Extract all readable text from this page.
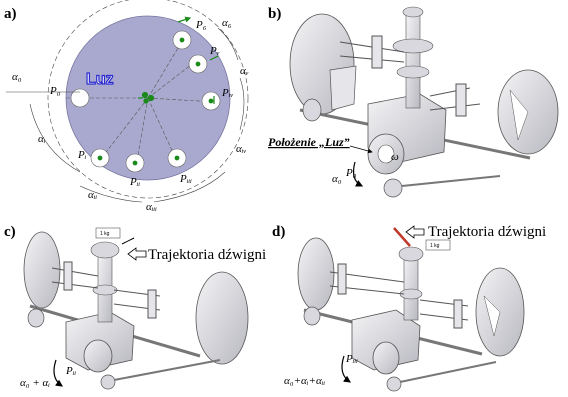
a)
Luz
α₀
αᵢ
αᵢᵢ
αᵢᵢᵢ
αᵢᵥ
αᵥ
α₆
P₀
Pᵢ
Pᵢᵢ	Pᵢᵢᵢ
Pᵢᵥ
Pᵥ
P₆
b)
Położenie „Luz”
ω
α₀ P₀
c)	1 kg
Trajektoria dźwigni
α₀ + αᵢ
Pᵢᵢ
d)
1 kg
Trajektoria dźwigni
α₀+αᵢ+αᵢᵢ
Pᵢᵢᵢ
